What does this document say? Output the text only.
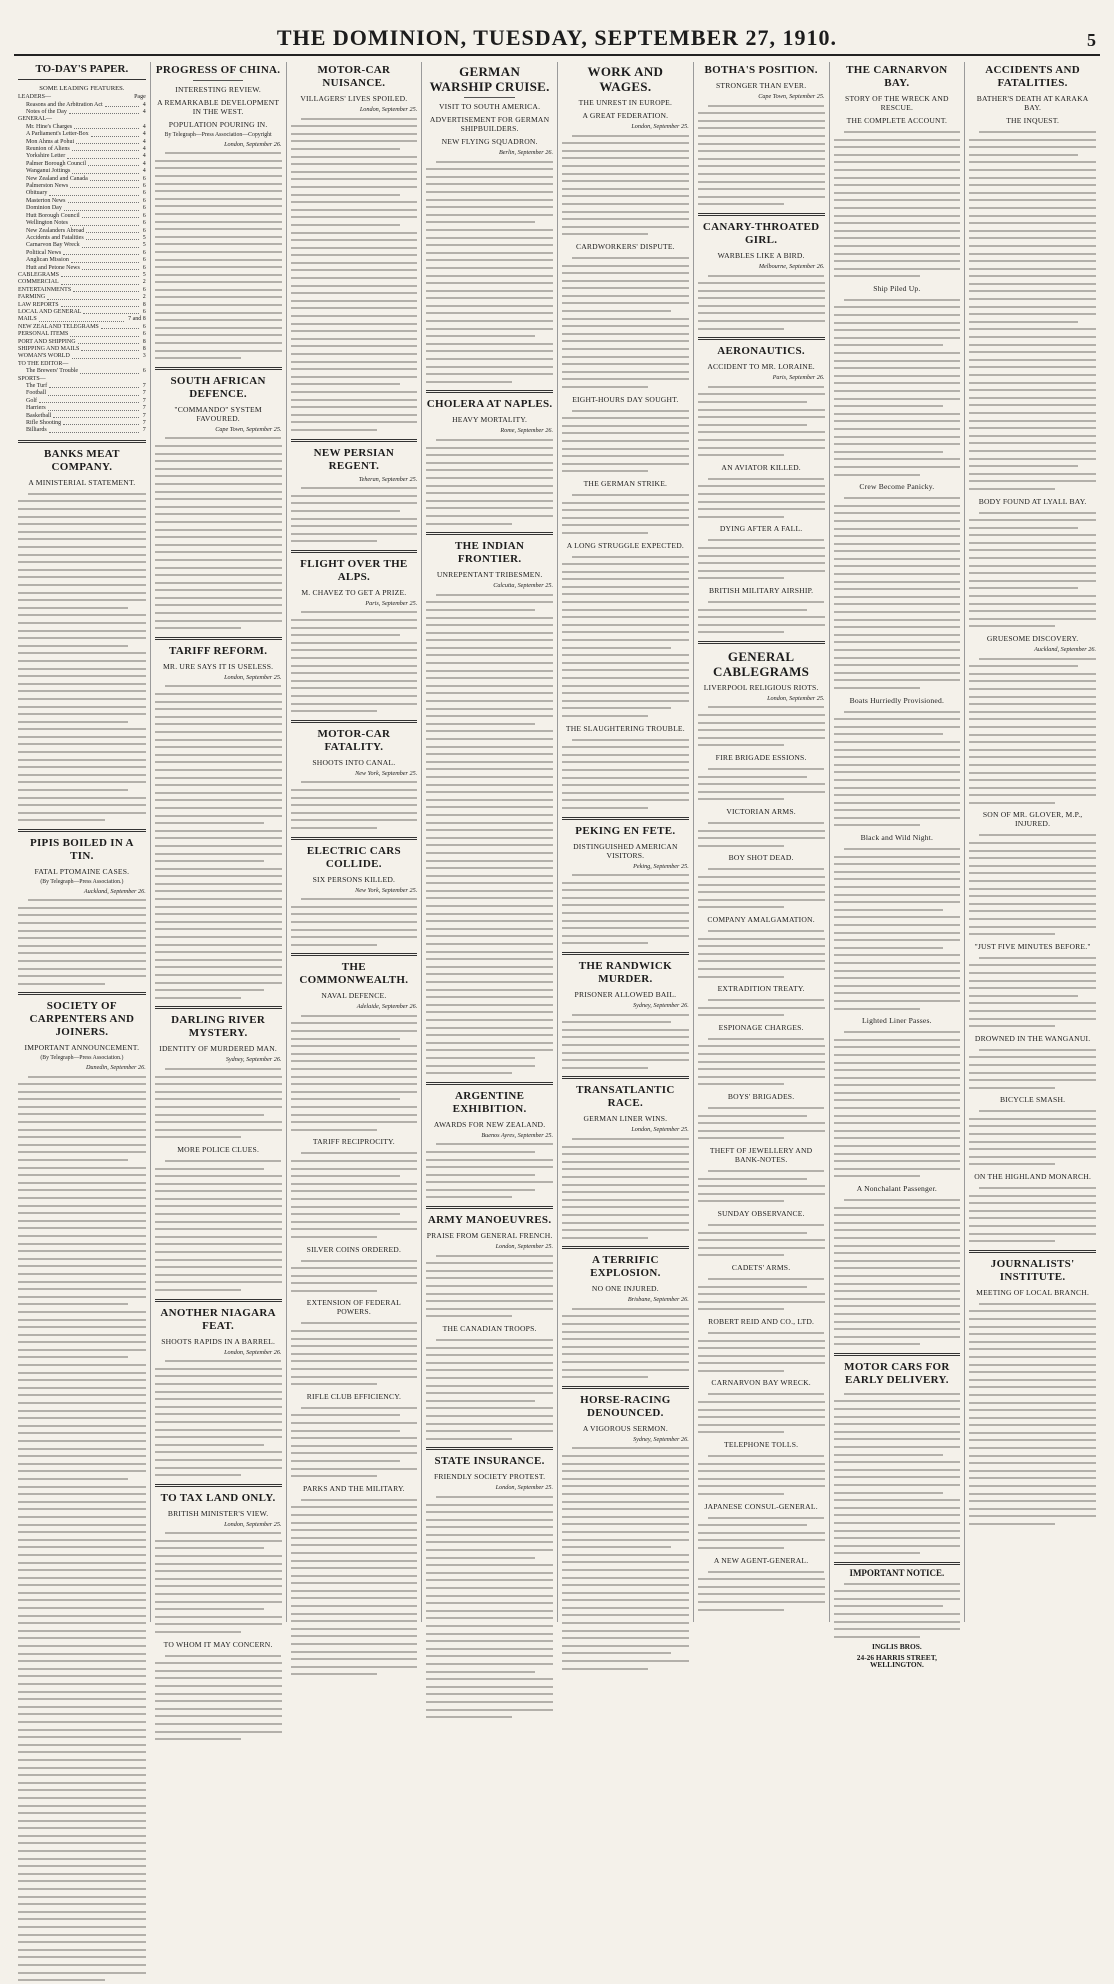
THE DOMINION, TUESDAY, SEPTEMBER 27, 1910.	5
TO-DAY'S PAPER.
SOME LEADING FEATURES.
LEADERS—	Page
Reasons and the Arbitration Act	4
Notes of the Day	4
GENERAL—
Mr. Hine's Charges	4
A Parliament's Letter-Box	4
Mon Ahms at Pohui	4
Reunion of Aliens	4
Yorkshire Letter	4
Palmer Borough Council	4
Wanganui Jottings	4
New Zealand and Canada	6
Palmerston News	6
Obituary	6
Masterton News	6
Dominion Day	6
Hutt Borough Council	6
Wellington Notes	6
New Zealanders Abroad	6
Accidents and Fatalities	5
Carnarvon Bay Wreck	5
Political News	6
Anglican Mission	6
Hutt and Petone News	6
CABLEGRAMS	5
COMMERCIAL	2
ENTERTAINMENTS	6
FARMING	2
LAW REPORTS	8
LOCAL AND GENERAL	6
MAILS	7 and 8
NEW ZEALAND TELEGRAMS	6
PERSONAL ITEMS	6
PORT AND SHIPPING	8
SHIPPING AND MAILS	8
WOMAN'S WORLD	3
TO THE EDITOR—
The Brewers' Trouble	6
SPORTS—
The Turf	7
Football	7
Golf	7
Harriers	7
Basketball	7
Rifle Shooting	7
Billiards	7
BANKS MEAT COMPANY.
A MINISTERIAL STATEMENT.
PIPIS BOILED IN A TIN.
FATAL PTOMAINE CASES.
(By Telegraph—Press Association.)
Auckland, September 26.
SOCIETY OF CARPENTERS AND JOINERS.
IMPORTANT ANNOUNCEMENT.
(By Telegraph—Press Association.)
Dunedin, September 26.
PROGRESS OF CHINA.
INTERESTING REVIEW.
A REMARKABLE DEVELOPMENT IN THE WEST.
POPULATION POURING IN.
By Telegraph—Press Association—Copyright
London, September 26.
SOUTH AFRICAN DEFENCE.
"COMMANDO" SYSTEM FAVOURED.
Cape Town, September 25.
TARIFF REFORM.
MR. URE SAYS IT IS USELESS.
London, September 25.
DARLING RIVER MYSTERY.
IDENTITY OF MURDERED MAN.
Sydney, September 26.
MORE POLICE CLUES.
ANOTHER NIAGARA FEAT.
SHOOTS RAPIDS IN A BARREL.
London, September 26.
TO TAX LAND ONLY.
BRITISH MINISTER'S VIEW.
London, September 25.
TO WHOM IT MAY CONCERN.
MOTOR-CAR NUISANCE.
VILLAGERS' LIVES SPOILED.
London, September 25.
NEW PERSIAN REGENT.
Teheran, September 25.
FLIGHT OVER THE ALPS.
M. CHAVEZ TO GET A PRIZE.
Paris, September 25.
MOTOR-CAR FATALITY.
SHOOTS INTO CANAL.
New York, September 25.
ELECTRIC CARS COLLIDE.
SIX PERSONS KILLED.
New York, September 25.
THE COMMONWEALTH.
NAVAL DEFENCE.
Adelaide, September 26.
TARIFF RECIPROCITY.
SILVER COINS ORDERED.
EXTENSION OF FEDERAL POWERS.
RIFLE CLUB EFFICIENCY.
PARKS AND THE MILITARY.
GERMAN WARSHIP CRUISE.
VISIT TO SOUTH AMERICA.
ADVERTISEMENT FOR GERMAN SHIPBUILDERS.
NEW FLYING SQUADRON.
Berlin, September 26.
CHOLERA AT NAPLES.
HEAVY MORTALITY.
Rome, September 26.
THE INDIAN FRONTIER.
UNREPENTANT TRIBESMEN.
Calcutta, September 25.
ARGENTINE EXHIBITION.
AWARDS FOR NEW ZEALAND.
Buenos Ayres, September 25.
ARMY MANOEUVRES.
PRAISE FROM GENERAL FRENCH.
London, September 25.
THE CANADIAN TROOPS.
STATE INSURANCE.
FRIENDLY SOCIETY PROTEST.
London, September 25.
WORK AND WAGES.
THE UNREST IN EUROPE.
A GREAT FEDERATION.
London, September 25.
CARDWORKERS' DISPUTE.
EIGHT-HOURS DAY SOUGHT.
THE GERMAN STRIKE.
A LONG STRUGGLE EXPECTED.
THE SLAUGHTERING TROUBLE.
PEKING EN FETE.
DISTINGUISHED AMERICAN VISITORS.
Peking, September 25.
THE RANDWICK MURDER.
PRISONER ALLOWED BAIL.
Sydney, September 26.
TRANSATLANTIC RACE.
GERMAN LINER WINS.
London, September 25.
A TERRIFIC EXPLOSION.
NO ONE INJURED.
Brisbane, September 26.
HORSE-RACING DENOUNCED.
A VIGOROUS SERMON.
Sydney, September 26.
BOTHA'S POSITION.
STRONGER THAN EVER.
Cape Town, September 25.
CANARY-THROATED GIRL.
WARBLES LIKE A BIRD.
Melbourne, September 26.
AERONAUTICS.
ACCIDENT TO MR. LORAINE.
Paris, September 26.
AN AVIATOR KILLED.
DYING AFTER A FALL.
BRITISH MILITARY AIRSHIP.
GENERAL CABLEGRAMS
LIVERPOOL RELIGIOUS RIOTS.
London, September 25.
FIRE BRIGADE ESSIONS.
VICTORIAN ARMS.
BOY SHOT DEAD.
COMPANY AMALGAMATION.
EXTRADITION TREATY.
ESPIONAGE CHARGES.
BOYS' BRIGADES.
THEFT OF JEWELLERY AND BANK-NOTES.
SUNDAY OBSERVANCE.
CADETS' ARMS.
ROBERT REID AND CO., LTD.
CARNARVON BAY WRECK.
TELEPHONE TOLLS.
JAPANESE CONSUL-GENERAL.
A NEW AGENT-GENERAL.
THE CARNARVON BAY.
STORY OF THE WRECK AND RESCUE.
THE COMPLETE ACCOUNT.
Ship Piled Up.
Crew Become Panicky.
Boats Hurriedly Provisioned.
Black and Wild Night.
Lighted Liner Passes.
A Nonchalant Passenger.
MOTOR CARS FOR EARLY DELIVERY.
IMPORTANT NOTICE.
INGLIS BROS.
24-26 HARRIS STREET, WELLINGTON.
ACCIDENTS AND FATALITIES.
BATHER'S DEATH AT KARAKA BAY.
THE INQUEST.
BODY FOUND AT LYALL BAY.
GRUESOME DISCOVERY.
Auckland, September 26.
SON OF MR. GLOVER, M.P., INJURED.
"JUST FIVE MINUTES BEFORE."
DROWNED IN THE WANGANUI.
BICYCLE SMASH.
ON THE HIGHLAND MONARCH.
JOURNALISTS' INSTITUTE.
MEETING OF LOCAL BRANCH.
